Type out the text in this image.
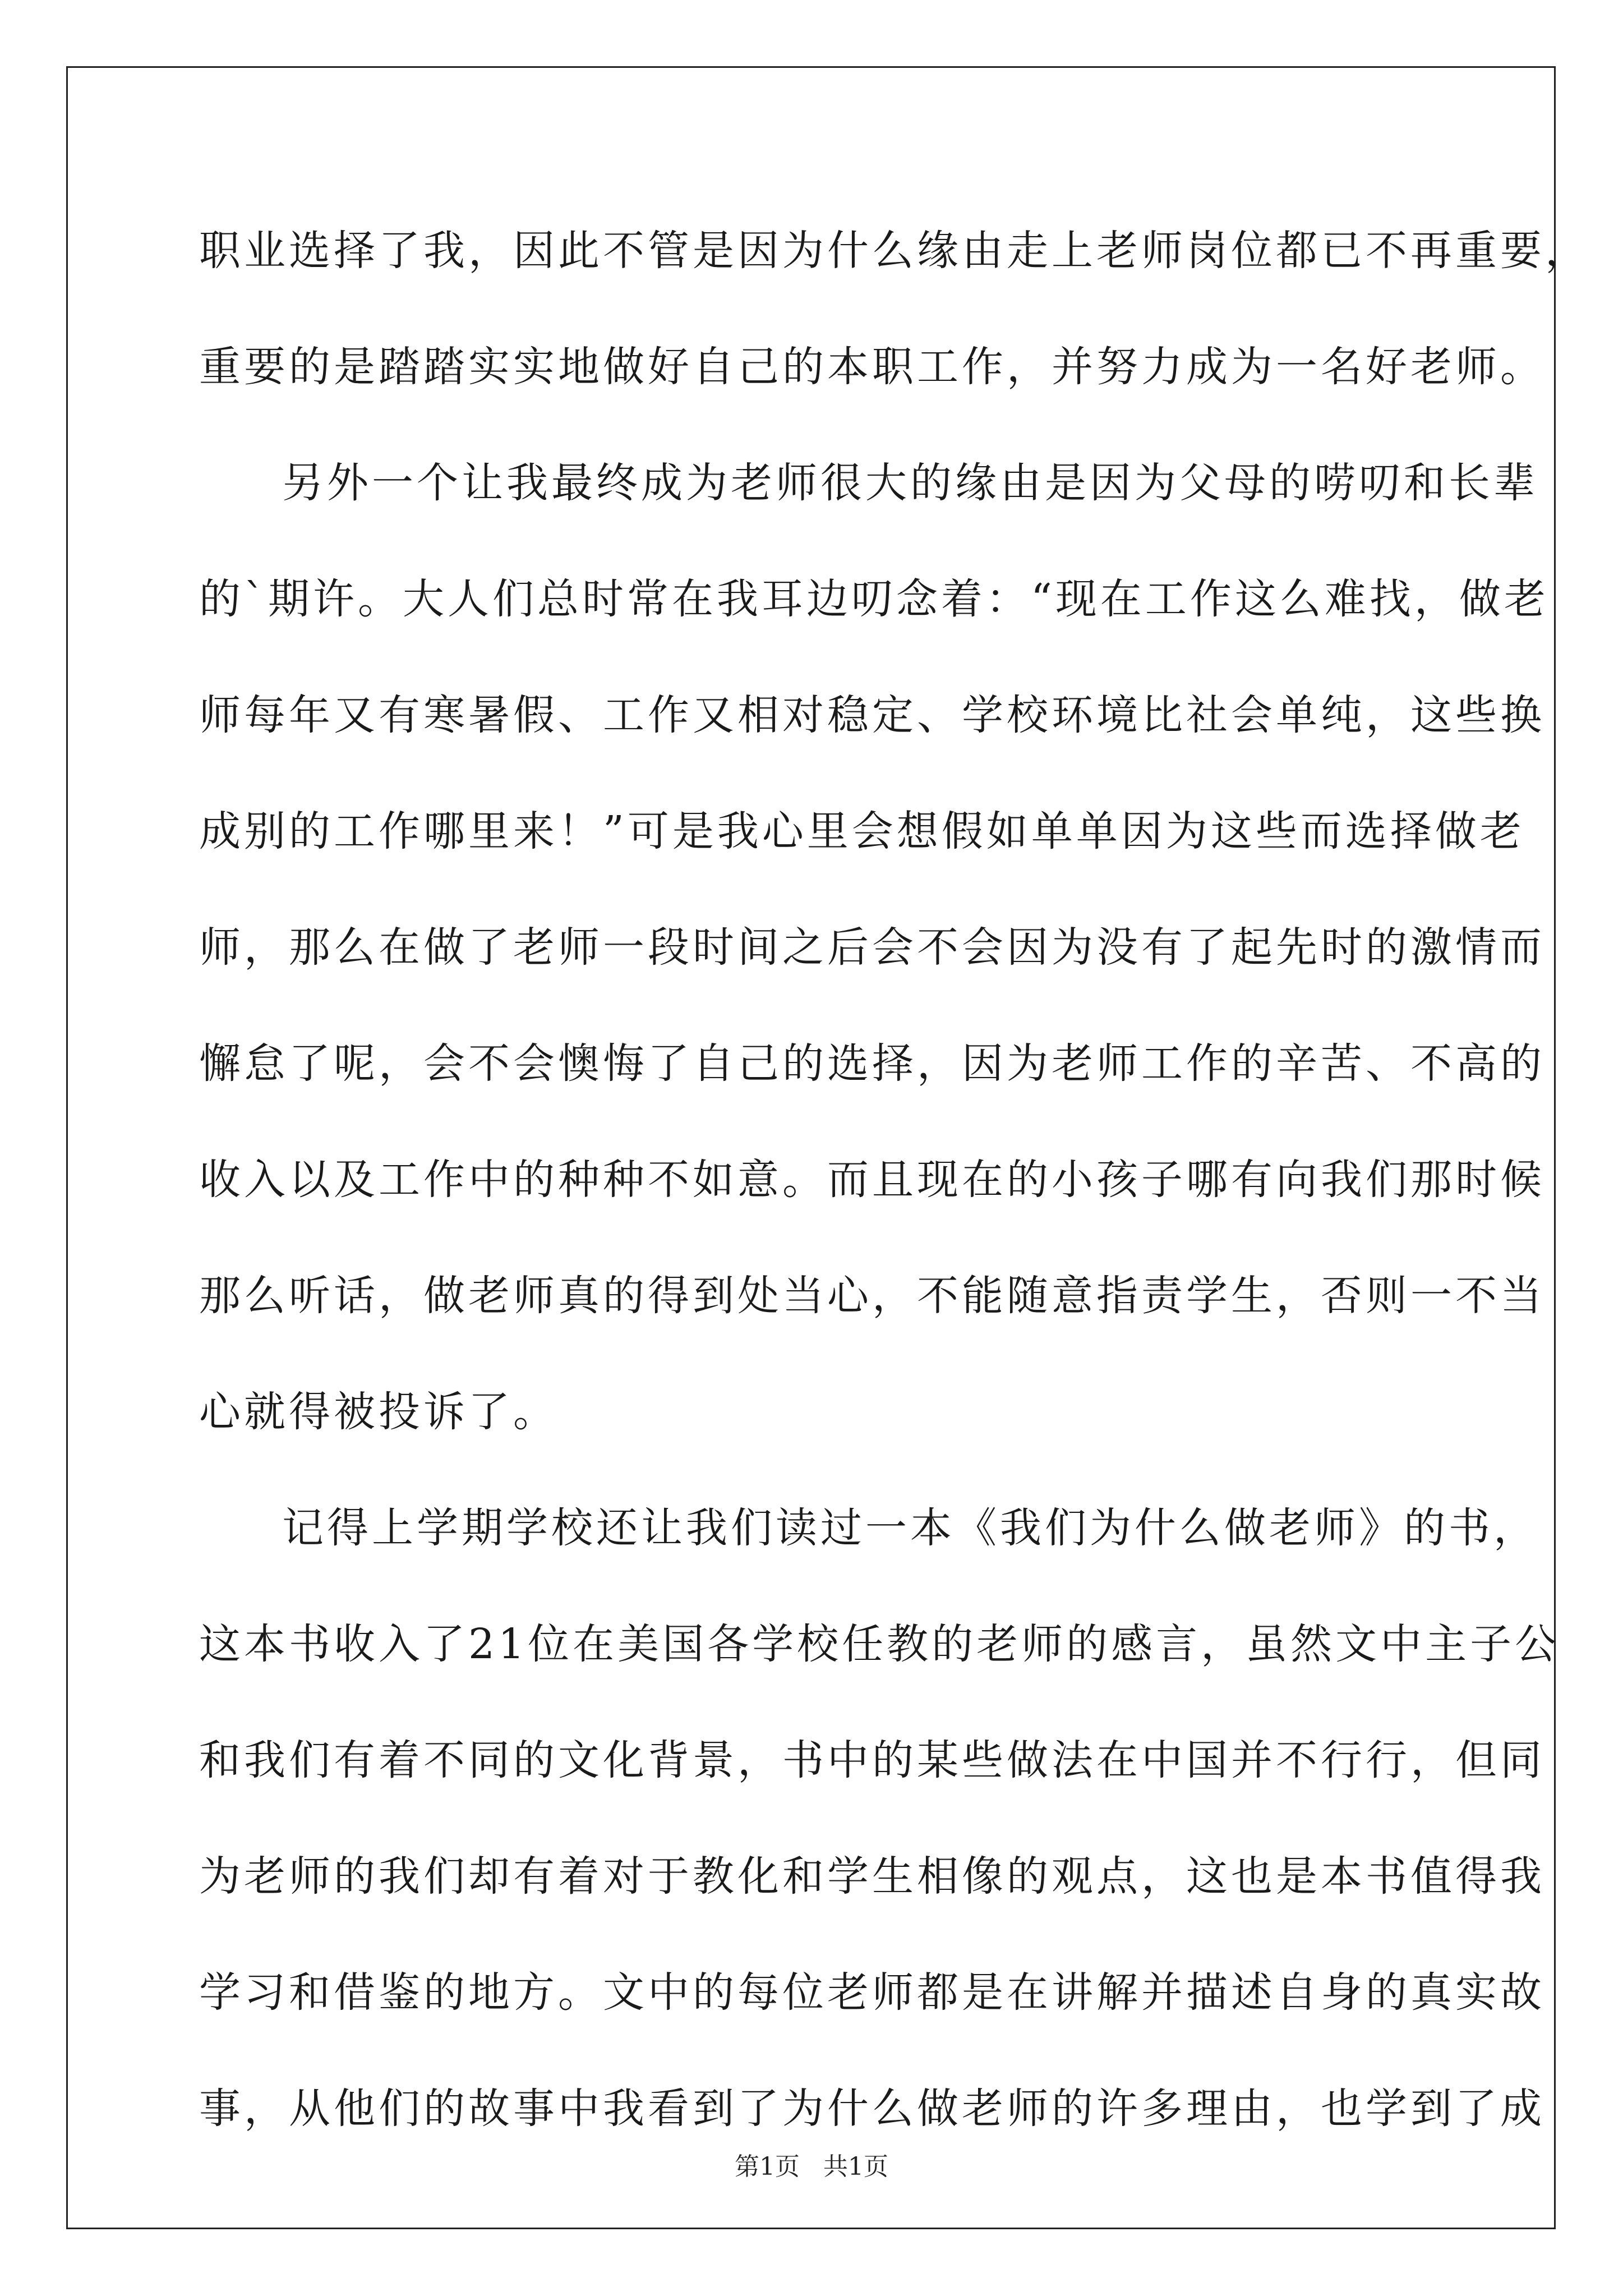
职业选择了我，因此不管是因为什么缘由走上老师岗位都已不再重要，
重要的是踏踏实实地做好自己的本职工作，并努力成为一名好老师。
另外一个让我最终成为老师很大的缘由是因为父母的唠叨和长辈
的`期许。大人们总时常在我耳边叨念着：“现在工作这么难找，做老
师每年又有寒暑假、工作又相对稳定、学校环境比社会单纯，这些换
成别的工作哪里来！”可是我心里会想假如单单因为这些而选择做老
师，那么在做了老师一段时间之后会不会因为没有了起先时的激情而
懈怠了呢，会不会懊悔了自己的选择，因为老师工作的辛苦、不高的
收入以及工作中的种种不如意。而且现在的小孩子哪有向我们那时候
那么听话，做老师真的得到处当心，不能随意指责学生，否则一不当
心就得被投诉了。
记得上学期学校还让我们读过一本《我们为什么做老师》的书，
这本书收入了21位在美国各学校任教的老师的感言，虽然文中主子公
和我们有着不同的文化背景，书中的某些做法在中国并不行行，但同
为老师的我们却有着对于教化和学生相像的观点，这也是本书值得我
学习和借鉴的地方。文中的每位老师都是在讲解并描述自身的真实故
事，从他们的故事中我看到了为什么做老师的许多理由，也学到了成
第1页   共1页
